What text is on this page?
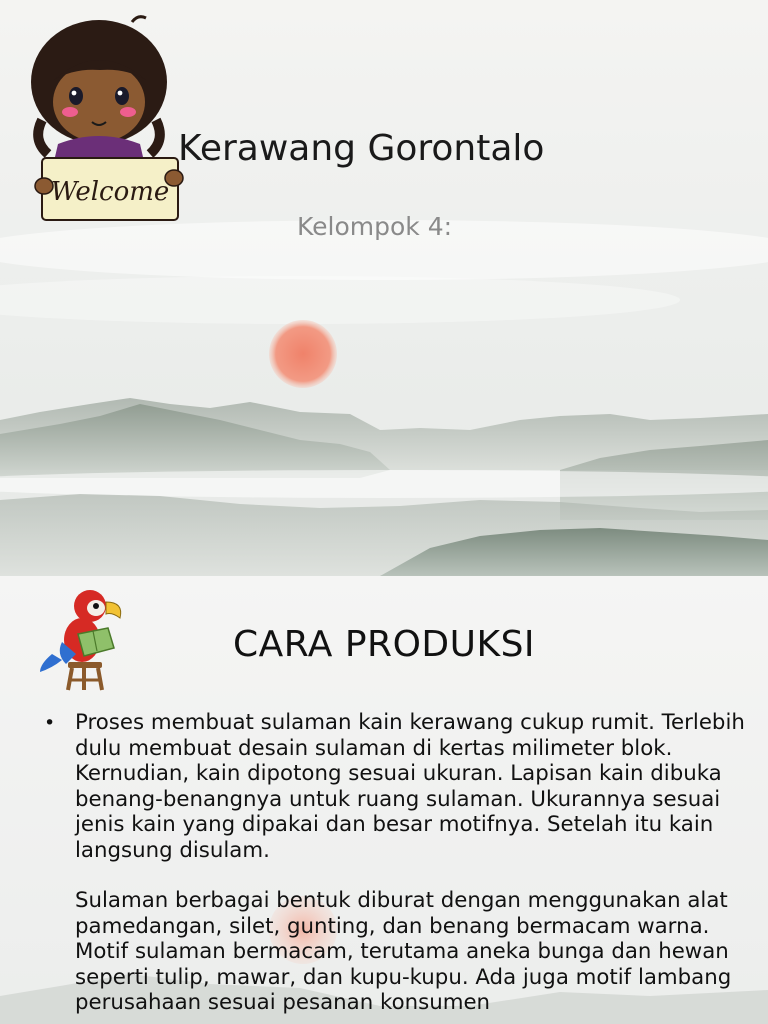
Welcome
Kerawang Gorontalo
Kelompok 4:
CARA PRODUKSI
• Proses membuat sulaman kain kerawang cukup rumit. Terlebih dulu membuat desain sulaman di kertas milimeter blok. Kernudian, kain dipotong sesuai ukuran. Lapisan kain dibuka benang-benangnya untuk ruang sulaman. Ukurannya sesuai jenis kain yang dipakai dan besar motifnya. Setelah itu kain langsung disulam.

Sulaman berbagai bentuk diburat dengan menggunakan alat pamedangan, silet, gunting, dan benang bermacam warna. Motif sulaman bermacam, terutama aneka bunga dan hewan seperti tulip, mawar, dan kupu-kupu. Ada juga motif lambang perusahaan sesuai pesanan konsumen
